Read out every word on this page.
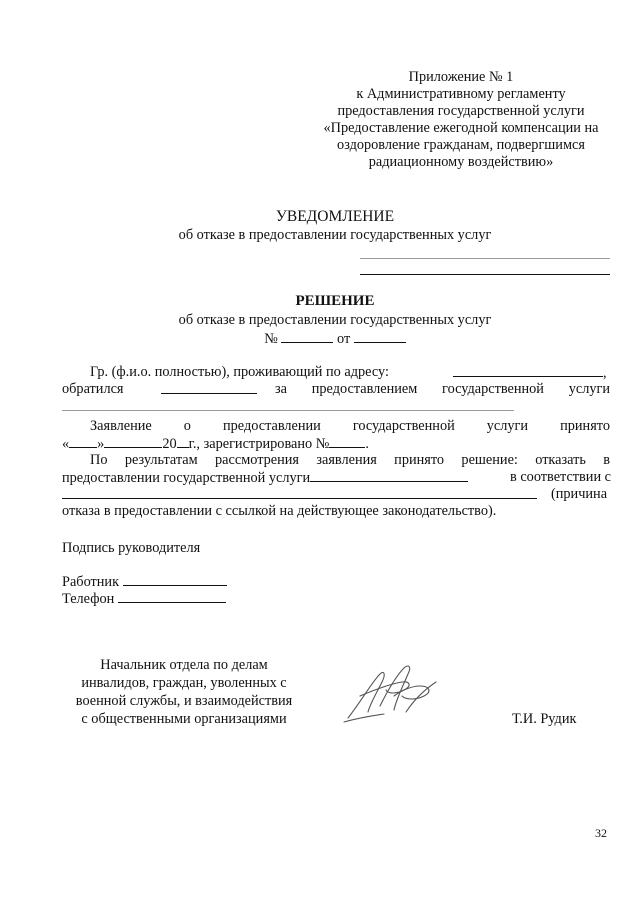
Приложение № 1
к Административному регламенту
предоставления государственной услуги
«Предоставление ежегодной компенсации на
оздоровление гражданам, подвергшимся
радиационному воздействию»
УВЕДОМЛЕНИЕ
об отказе в предоставлении государственных услуг
РЕШЕНИЕ
об отказе в предоставлении государственных услуг
№	от
Гр. (ф.и.о. полностью), проживающий по адресу:	,
обратился	за предоставлением государственной услуги
Заявление о предоставлении государственной услуги принято
« »	20 г., зарегистрировано №	.
По результатам рассмотрения заявления принято решение: отказать в
предоставлении государственной услуги	в соответствии с
(причина
отказа в предоставлении с ссылкой на действующее законодательство).
Подпись руководителя
Работник
Телефон
Начальник отдела по делам
инвалидов, граждан, уволенных с
военной службы, и взаимодействия
с общественными организациями	Т.И. Рудик
32
